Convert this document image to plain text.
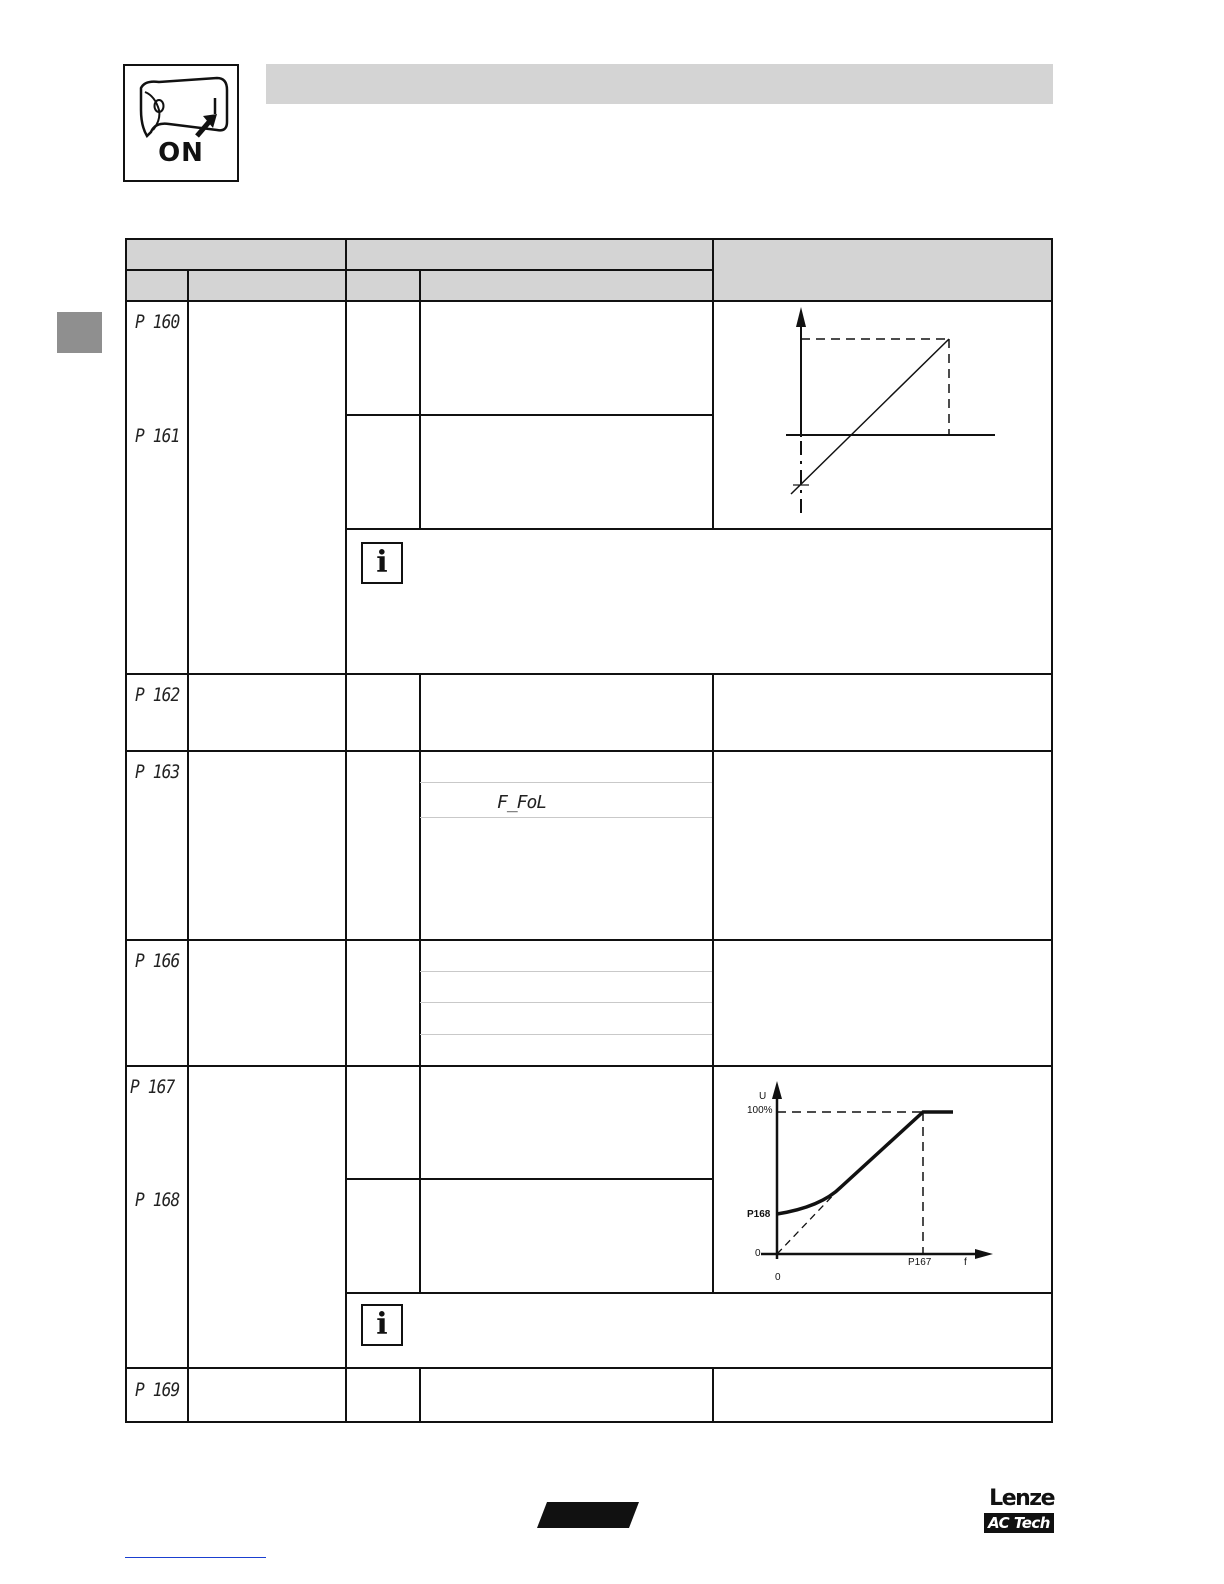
ON
P 160
P 161
P 162
P 163
F_FoL
P 166
P 167
P 168
P 169
i
i
U
100%
P168
0
0
P167	f
Lenze
AC Tech
